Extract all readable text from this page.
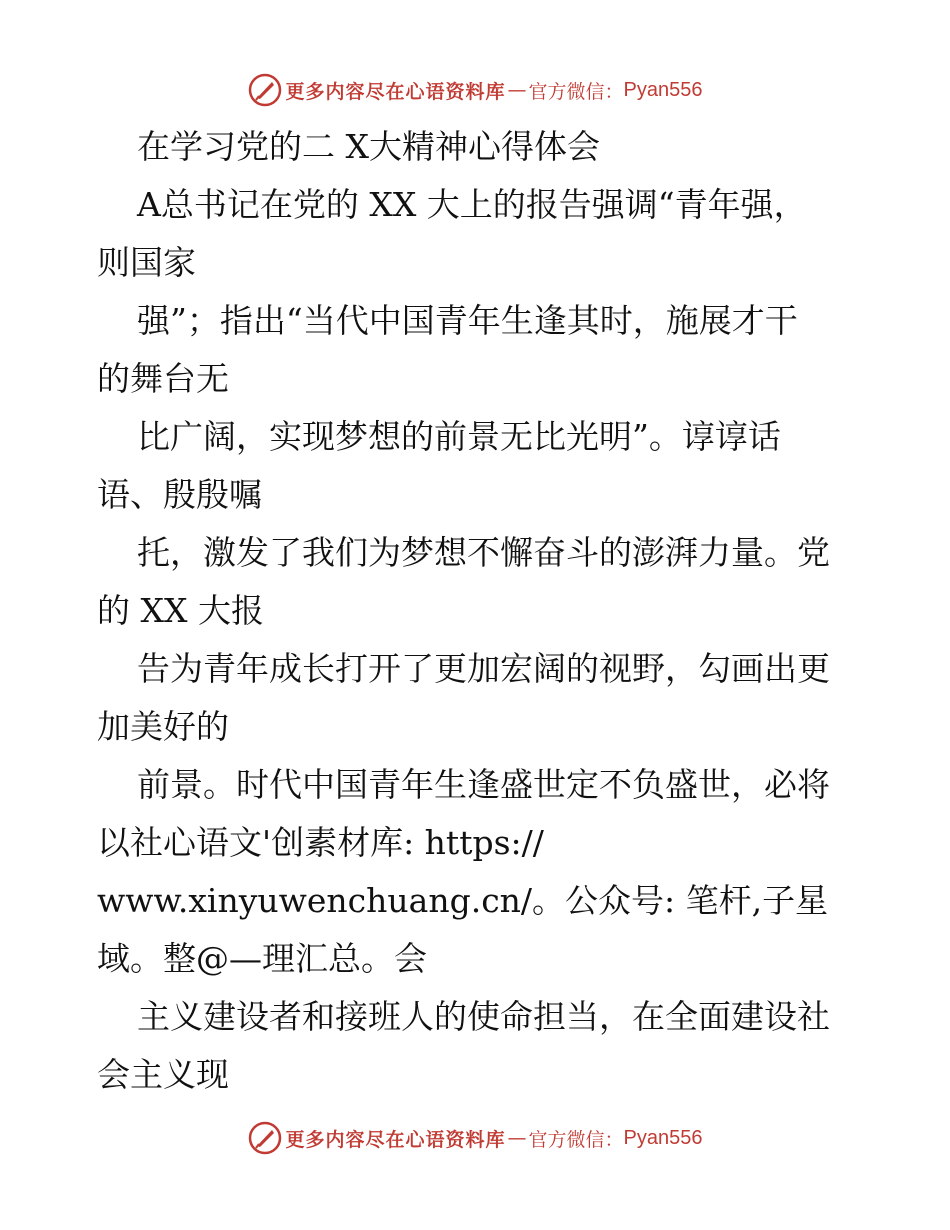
更多内容尽在心语资料库 — 官方微信： Pyan556
在学习党的二 X大精神心得体会
A总书记在党的 XX 大上的报告强调“青年强，
则国家
强”；指出“当代中国青年生逢其时，施展才干
的舞台无
比广阔，实现梦想的前景无比光明”。谆谆话
语、殷殷嘱
托，激发了我们为梦想不懈奋斗的澎湃力量。党
的 XX 大报
告为青年成长打开了更加宏阔的视野，勾画出更
加美好的
前景。时代中国青年生逢盛世定不负盛世，必将
以社心语文'创素材库: https://
www.xinyuwenchuang.cn/。公众号: 笔杆,子星
域。整@—理汇总。会
主义建设者和接班人的使命担当，在全面建设社
会主义现
更多内容尽在心语资料库 — 官方微信： Pyan556
